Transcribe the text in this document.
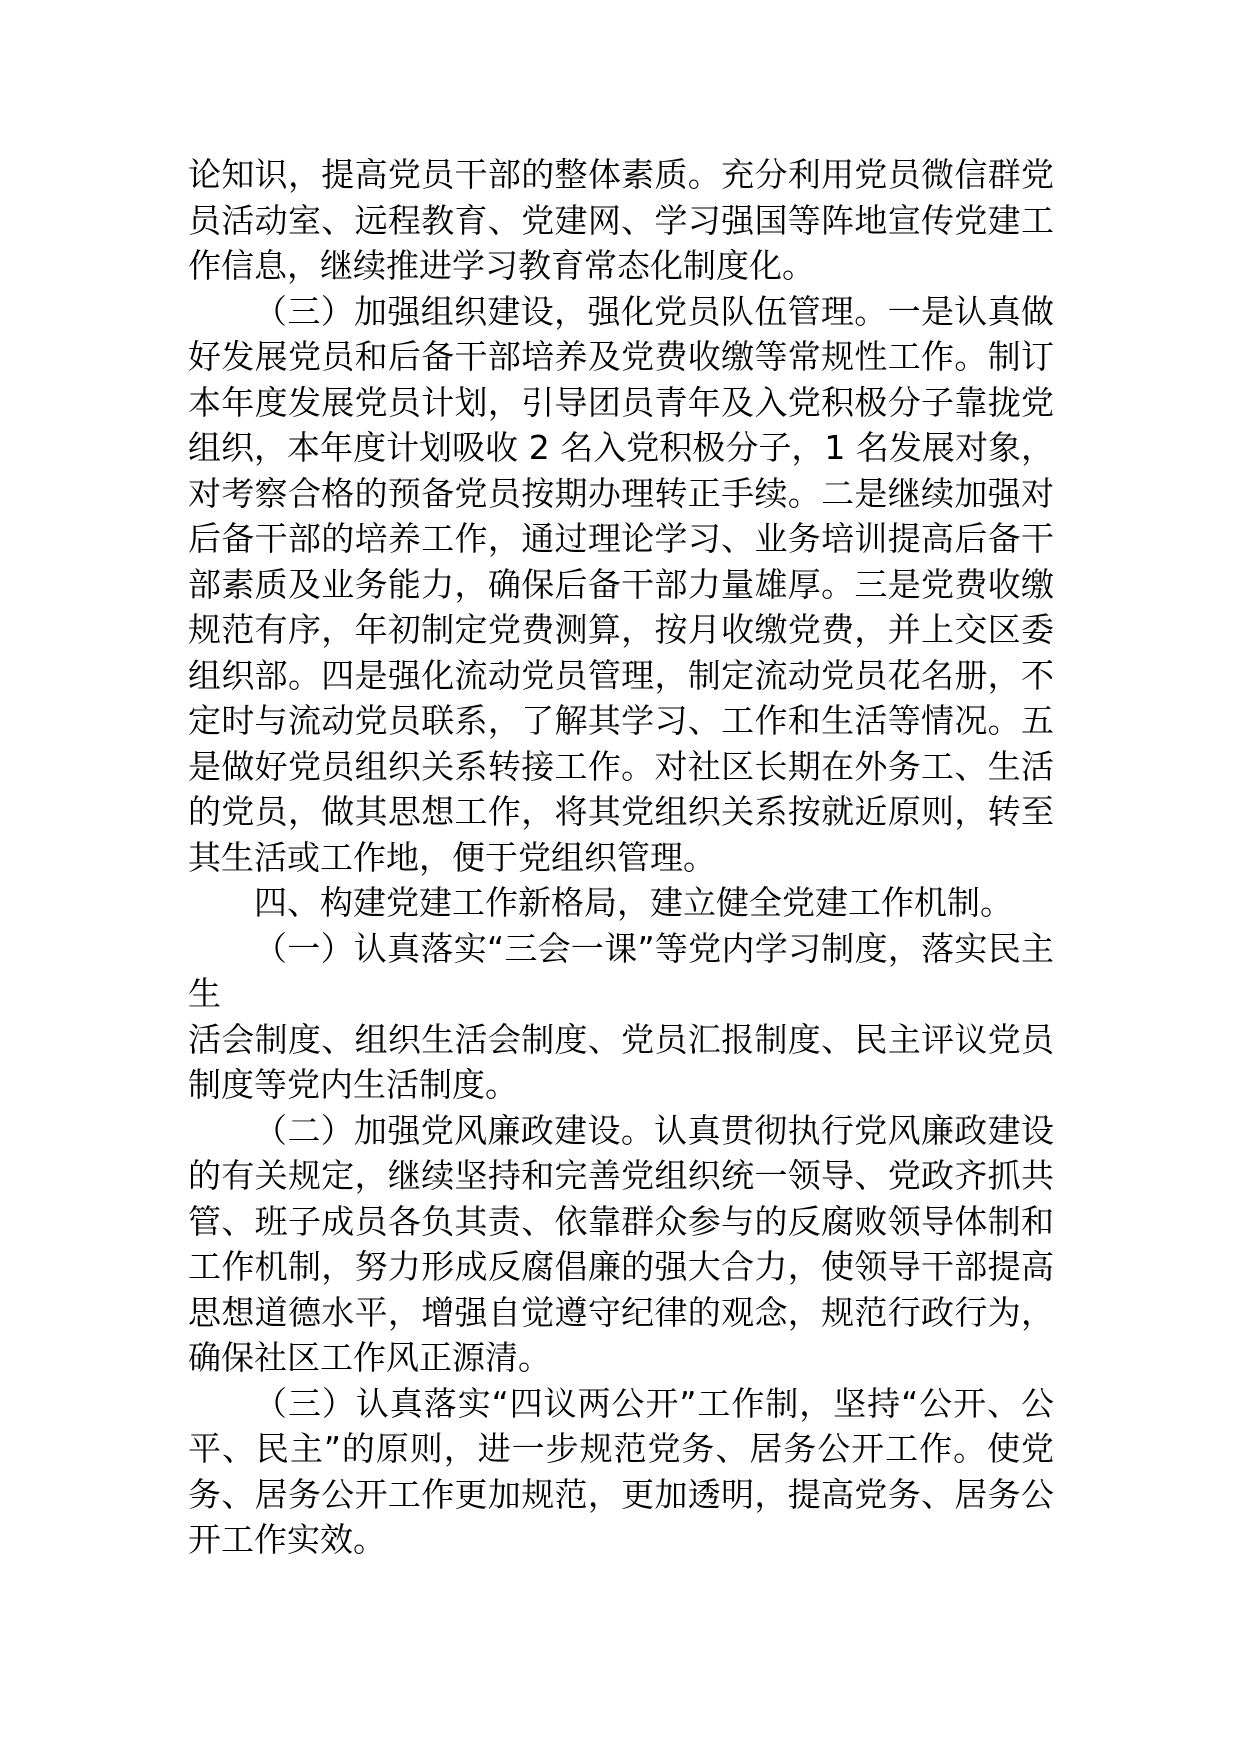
论知识，提高党员干部的整体素质。充分利用党员微信群党员活动室、远程教育、党建网、学习强国等阵地宣传党建工作信息，继续推进学习教育常态化制度化。

（三）加强组织建设，强化党员队伍管理。一是认真做好发展党员和后备干部培养及党费收缴等常规性工作。制订本年度发展党员计划，引导团员青年及入党积极分子靠拢党组织，本年度计划吸收 2 名入党积极分子，1 名发展对象，对考察合格的预备党员按期办理转正手续。二是继续加强对后备干部的培养工作，通过理论学习、业务培训提高后备干部素质及业务能力，确保后备干部力量雄厚。三是党费收缴规范有序，年初制定党费测算，按月收缴党费，并上交区委组织部。四是强化流动党员管理，制定流动党员花名册，不定时与流动党员联系，了解其学习、工作和生活等情况。五是做好党员组织关系转接工作。对社区长期在外务工、生活的党员，做其思想工作，将其党组织关系按就近原则，转至其生活或工作地，便于党组织管理。

四、构建党建工作新格局，建立健全党建工作机制。

（一）认真落实“三会一课”等党内学习制度，落实民主生

活会制度、组织生活会制度、党员汇报制度、民主评议党员制度等党内生活制度。

（二）加强党风廉政建设。认真贯彻执行党风廉政建设的有关规定，继续坚持和完善党组织统一领导、党政齐抓共管、班子成员各负其责、依靠群众参与的反腐败领导体制和工作机制，努力形成反腐倡廉的强大合力，使领导干部提高思想道德水平，增强自觉遵守纪律的观念，规范行政行为，确保社区工作风正源清。

（三）认真落实“四议两公开”工作制，坚持“公开、公平、民主”的原则，进一步规范党务、居务公开工作。使党务、居务公开工作更加规范，更加透明，提高党务、居务公开工作实效。
